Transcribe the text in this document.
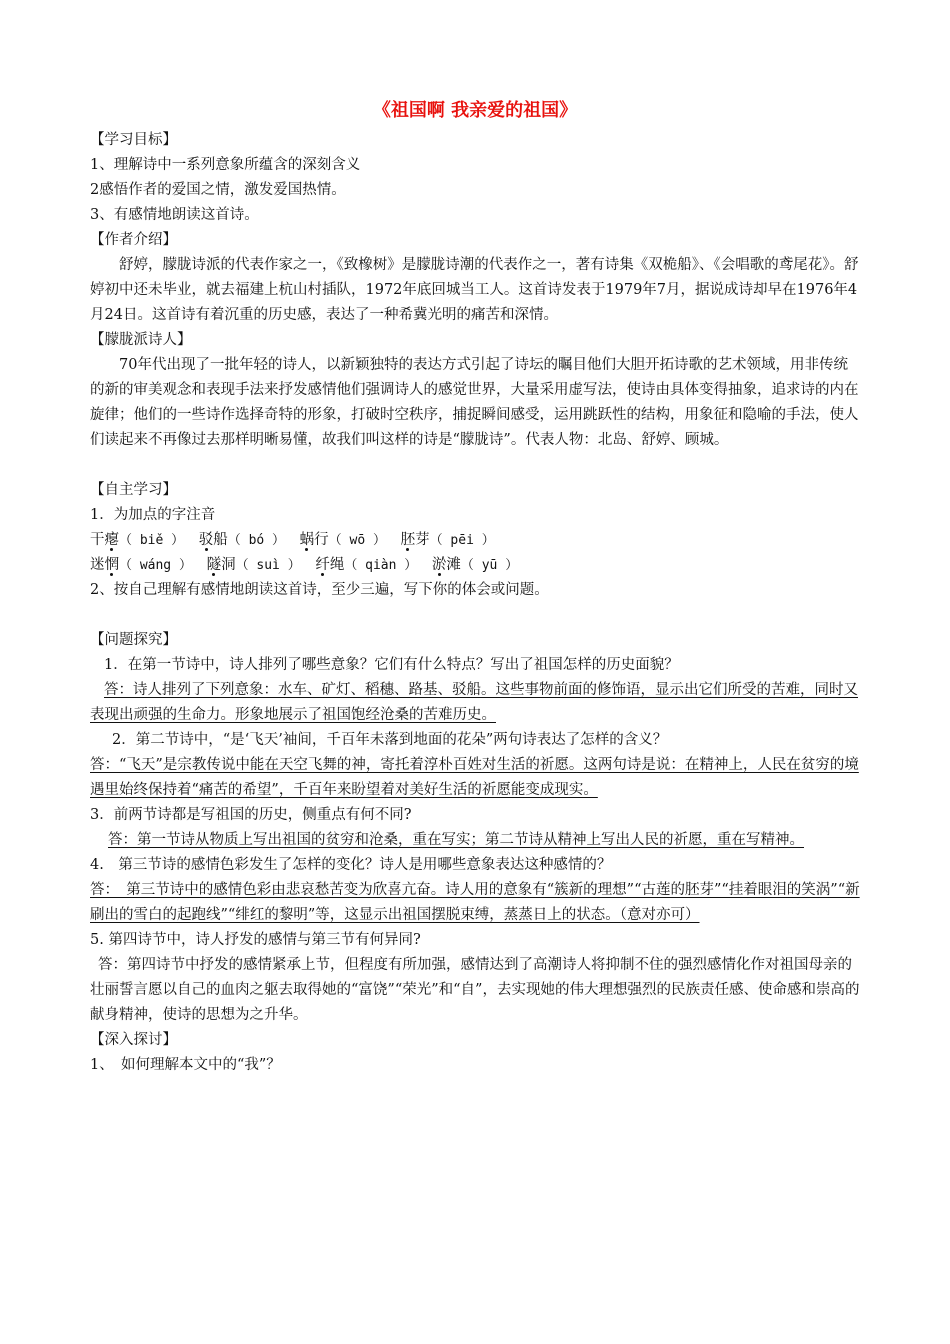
《祖国啊 我亲爱的祖国》
【学习目标】
1、理解诗中一系列意象所蕴含的深刻含义
2感悟作者的爱国之情，激发爱国热情。
3、有感情地朗读这首诗。
【作者介绍】
舒婷，朦胧诗派的代表作家之一，《致橡树》是朦胧诗潮的代表作之一，著有诗集《双桅船》、《会唱歌的鸢尾花》。舒婷初中还未毕业，就去福建上杭山村插队，1972年底回城当工人。这首诗发表于1979年7月，据说成诗却早在1976年4月24日。这首诗有着沉重的历史感，表达了一种希冀光明的痛苦和深情。
【朦胧派诗人】
70年代出现了一批年轻的诗人，以新颖独特的表达方式引起了诗坛的瞩目他们大胆开拓诗歌的艺术领域，用非传统的新的审美观念和表现手法来抒发感情他们强调诗人的感觉世界，大量采用虚写法，使诗由具体变得抽象，追求诗的内在旋律；他们的一些诗作选择奇特的形象，打破时空秩序，捕捉瞬间感受，运用跳跃性的结构，用象征和隐喻的手法，使人们读起来不再像过去那样明晰易懂，故我们叫这样的诗是“朦胧诗”。代表人物：北岛、舒婷、顾城。
【自主学习】
1．为加点的字注音
干瘪（ biě ） 驳船（ bó ） 蜗行（ wō ） 胚芽（ pēi ）
迷惘（ wáng ） 隧洞（ suì ） 纤绳（ qiàn ） 淤滩（ yū ）
2、按自己理解有感情地朗读这首诗，至少三遍，写下你的体会或问题。
【问题探究】
1．在第一节诗中，诗人排列了哪些意象？它们有什么特点？写出了祖国怎样的历史面貌？
答：诗人排列了下列意象：水车、矿灯、稻穗、路基、驳船。这些事物前面的修饰语，显示出它们所受的苦难，同时又表现出顽强的生命力。形象地展示了祖国饱经沧桑的苦难历史。
2．第二节诗中，“是‘飞天’袖间，千百年未落到地面的花朵”两句诗表达了怎样的含义？
答：“飞天”是宗教传说中能在天空飞舞的神，寄托着淳朴百姓对生活的祈愿。这两句诗是说：在精神上，人民在贫穷的境遇里始终保持着“痛苦的希望”，千百年来盼望着对美好生活的祈愿能变成现实。
3．前两节诗都是写祖国的历史，侧重点有何不同?
答：第一节诗从物质上写出祖国的贫穷和沧桑，重在写实；第二节诗从精神上写出人民的祈愿，重在写精神。
4.　第三节诗的感情色彩发生了怎样的变化？诗人是用哪些意象表达这种感情的？
答：　第三节诗中的感情色彩由悲哀愁苦变为欣喜亢奋。诗人用的意象有“簇新的理想”“古莲的胚芽”“挂着眼泪的笑涡”“新刷出的雪白的起跑线”“绯红的黎明”等，这显示出祖国摆脱束缚，蒸蒸日上的状态。（意对亦可）
5. 第四诗节中，诗人抒发的感情与第三节有何异同?
答：第四诗节中抒发的感情紧承上节，但程度有所加强，感情达到了高潮诗人将抑制不住的强烈感情化作对祖国母亲的壮丽誓言愿以自己的血肉之躯去取得她的“富饶”“荣光”和“自”，去实现她的伟大理想强烈的民族责任感、使命感和崇高的献身精神，使诗的思想为之升华。
【深入探讨】
1、　如何理解本文中的“我”？
